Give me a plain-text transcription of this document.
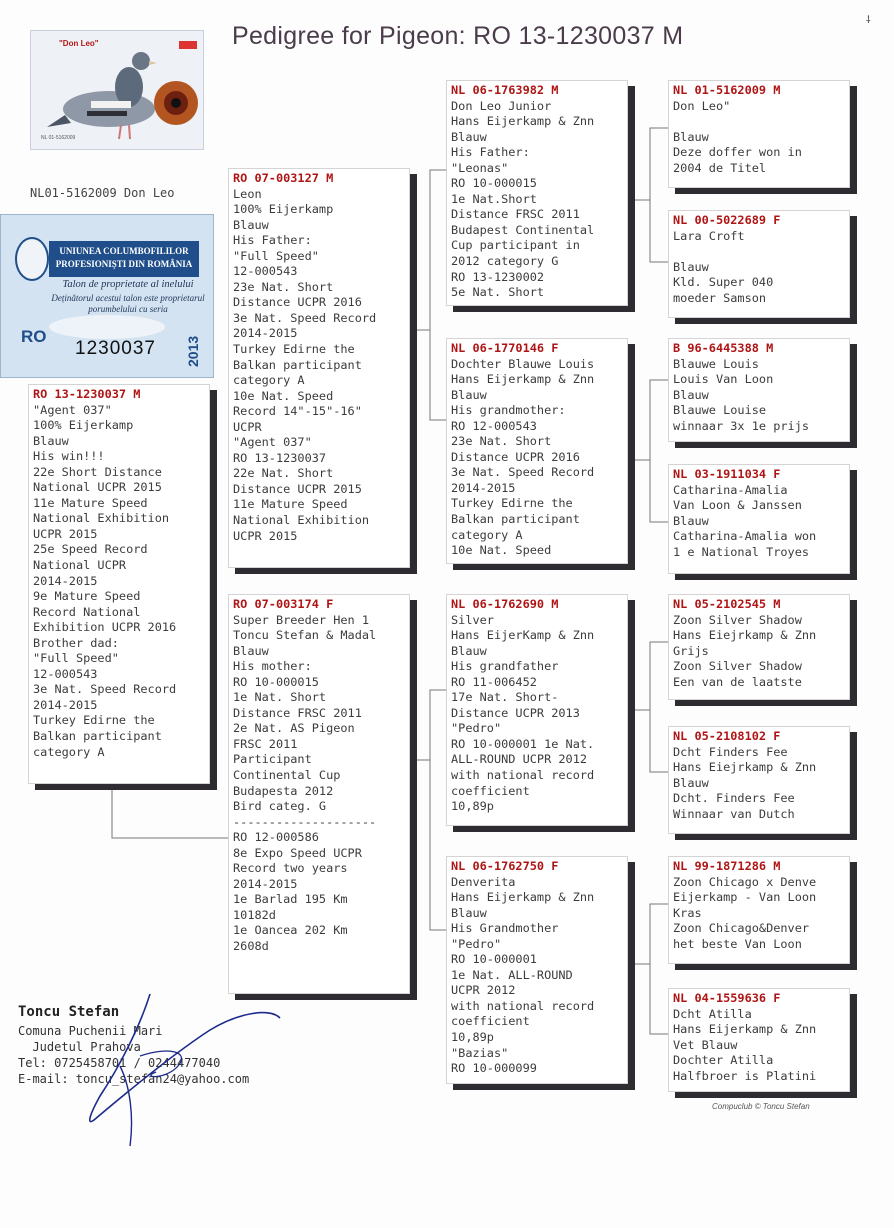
Pedigree for Pigeon: RO 13-1230037 M
⸸
"Don Leo"
NL 01-5162009
NL01-5162009 Don Leo
UNIUNEA COLUMBOFILILOR
PROFESIONIȘTI DIN ROMÂNIA
Talon de proprietate al inelului
Deținătorul acestui talon este proprietarul
porumbelului cu seria
RO
1230037 2013
RO 13-1230037 M
"Agent 037"
100% Eijerkamp
Blauw
His win!!!
22e Short Distance
National UCPR 2015
11e Mature Speed
National Exhibition
UCPR 2015
25e Speed Record
National UCPR
2014-2015
9e Mature Speed
Record National
Exhibition UCPR 2016
Brother dad:
"Full Speed"
12-000543
3e Nat. Speed Record
2014-2015
Turkey Edirne the
Balkan participant
category A
RO 07-003127 M
Leon
100% Eijerkamp
Blauw
His Father:
"Full Speed"
12-000543
23e Nat. Short
Distance UCPR 2016
3e Nat. Speed Record
2014-2015
Turkey Edirne the
Balkan participant
category A
10e Nat. Speed
Record 14"-15"-16"
UCPR
"Agent 037"
RO 13-1230037
22e Nat. Short
Distance UCPR 2015
11e Mature Speed
National Exhibition
UCPR 2015
RO 07-003174 F
Super Breeder Hen 1
Toncu Stefan & Madal
Blauw
His mother:
RO 10-000015
1e Nat. Short
Distance FRSC 2011
2e Nat. AS Pigeon
FRSC 2011
Participant
Continental Cup
Budapesta 2012
Bird categ. G
--------------------
RO 12-000586
8e Expo Speed UCPR
Record two years
2014-2015
1e Barlad 195 Km
10182d
1e Oancea 202 Km
2608d
NL 06-1763982 M
Don Leo Junior
Hans Eijerkamp & Znn
Blauw
His Father:
"Leonas"
RO 10-000015
1e Nat.Short
Distance FRSC 2011
Budapest Continental
Cup participant in
2012 category G
RO 13-1230002
5e Nat. Short
NL 06-1770146 F
Dochter Blauwe Louis
Hans Eijerkamp & Znn
Blauw
His grandmother:
RO 12-000543
23e Nat. Short
Distance UCPR 2016
3e Nat. Speed Record
2014-2015
Turkey Edirne the
Balkan participant
category A
10e Nat. Speed
NL 06-1762690 M
Silver
Hans EijerKamp & Znn
Blauw
His grandfather
RO 11-006452
17e Nat. Short-
Distance UCPR 2013
"Pedro"
RO 10-000001 1e Nat.
ALL-ROUND UCPR 2012
with national record
coefficient
10,89p
NL 06-1762750 F
Denverita
Hans Eijerkamp & Znn
Blauw
His Grandmother
"Pedro"
RO 10-000001
1e Nat. ALL-ROUND
UCPR 2012
with national record
coefficient
10,89p
"Bazias"
RO 10-000099
NL 01-5162009 M
Don Leo"

Blauw
Deze doffer won in
2004 de Titel
NL 00-5022689 F
Lara Croft

Blauw
Kld. Super 040
moeder Samson
B 96-6445388 M
Blauwe Louis
Louis Van Loon
Blauw
Blauwe Louise
winnaar 3x 1e prijs
NL 03-1911034 F
Catharina-Amalia
Van Loon & Janssen
Blauw
Catharina-Amalia won
1 e National Troyes
NL 05-2102545 M
Zoon Silver Shadow
Hans Eiejrkamp & Znn
Grijs
Zoon Silver Shadow
Een van de laatste
NL 05-2108102 F
Dcht Finders Fee
Hans Eiejrkamp & Znn
Blauw
Dcht. Finders Fee
Winnaar van Dutch
NL 99-1871286 M
Zoon Chicago x Denve
Eijerkamp - Van Loon
Kras
Zoon Chicago&Denver
het beste Van Loon
NL 04-1559636 F
Dcht Atilla
Hans Eijerkamp & Znn
Vet Blauw
Dochter Atilla
Halfbroer is Platini
Toncu Stefan
Comuna Puchenii Mari
Judetul Prahova
Tel: 0725458701 / 0244477040
E-mail: toncu_stefan24@yahoo.com
Compuclub © Toncu Stefan
